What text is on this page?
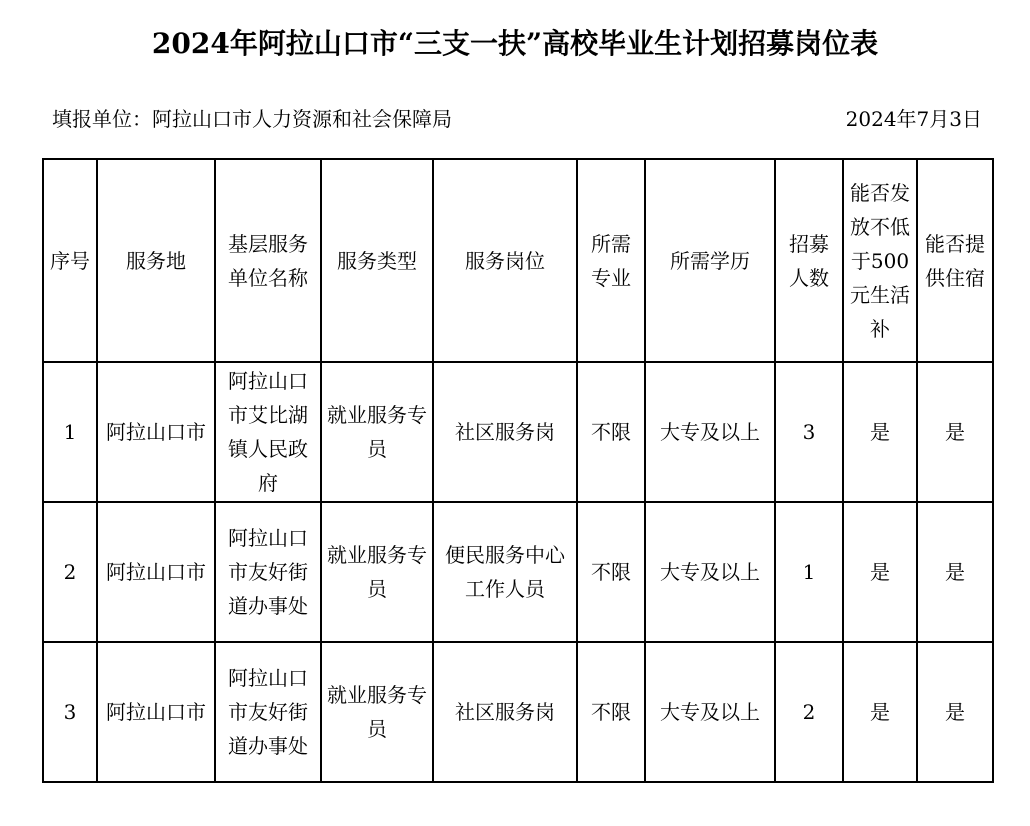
2024年阿拉山口市“三支一扶”高校毕业生计划招募岗位表
填报单位：阿拉山口市人力资源和社会保障局	2024年7月3日
序号	服务地	基层服务单位名称	服务类型	服务岗位	所需专业	所需学历	招募人数	能否发放不低于500元生活补	能否提供住宿
1	阿拉山口市	阿拉山口市艾比湖镇人民政府	就业服务专员	社区服务岗	不限	大专及以上	3	是	是
2	阿拉山口市	阿拉山口市友好街道办事处	就业服务专员	便民服务中心工作人员	不限	大专及以上	1	是	是
3	阿拉山口市	阿拉山口市友好街道办事处	就业服务专员	社区服务岗	不限	大专及以上	2	是	是
